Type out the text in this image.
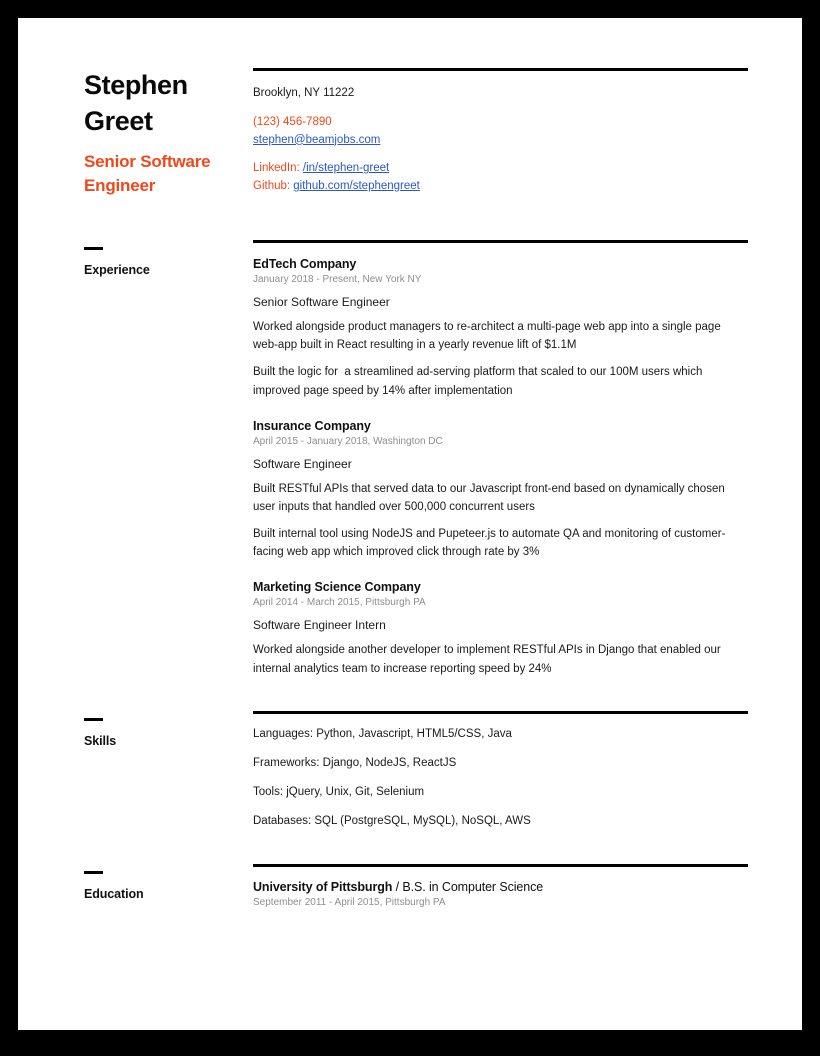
Stephen
Greet
Senior Software Engineer
Brooklyn, NY 11222
(123) 456-7890
stephen@beamjobs.com
LinkedIn: /in/stephen-greet
Github: github.com/stephengreet
Experience	EdTech Company
January 2018 - Present, New York NY
Senior Software Engineer
Worked alongside product managers to re-architect a multi-page web app into a single page web-app built in React resulting in a yearly revenue lift of $1.1M
Built the logic for  a streamlined ad-serving platform that scaled to our 100M users which improved page speed by 14% after implementation
Insurance Company
April 2015 - January 2018, Washington DC
Software Engineer
Built RESTful APIs that served data to our Javascript front-end based on dynamically chosen user inputs that handled over 500,000 concurrent users
Built internal tool using NodeJS and Pupeteer.js to automate QA and monitoring of customer-facing web app which improved click through rate by 3%
Marketing Science Company
April 2014 - March 2015, Pittsburgh PA
Software Engineer Intern
Worked alongside another developer to implement RESTful APIs in Django that enabled our internal analytics team to increase reporting speed by 24%
Skills	Languages: Python, Javascript, HTML5/CSS, Java
Frameworks: Django, NodeJS, ReactJS
Tools: jQuery, Unix, Git, Selenium
Databases: SQL (PostgreSQL, MySQL), NoSQL, AWS
Education	University of Pittsburgh / B.S. in Computer Science
September 2011 - April 2015, Pittsburgh PA
